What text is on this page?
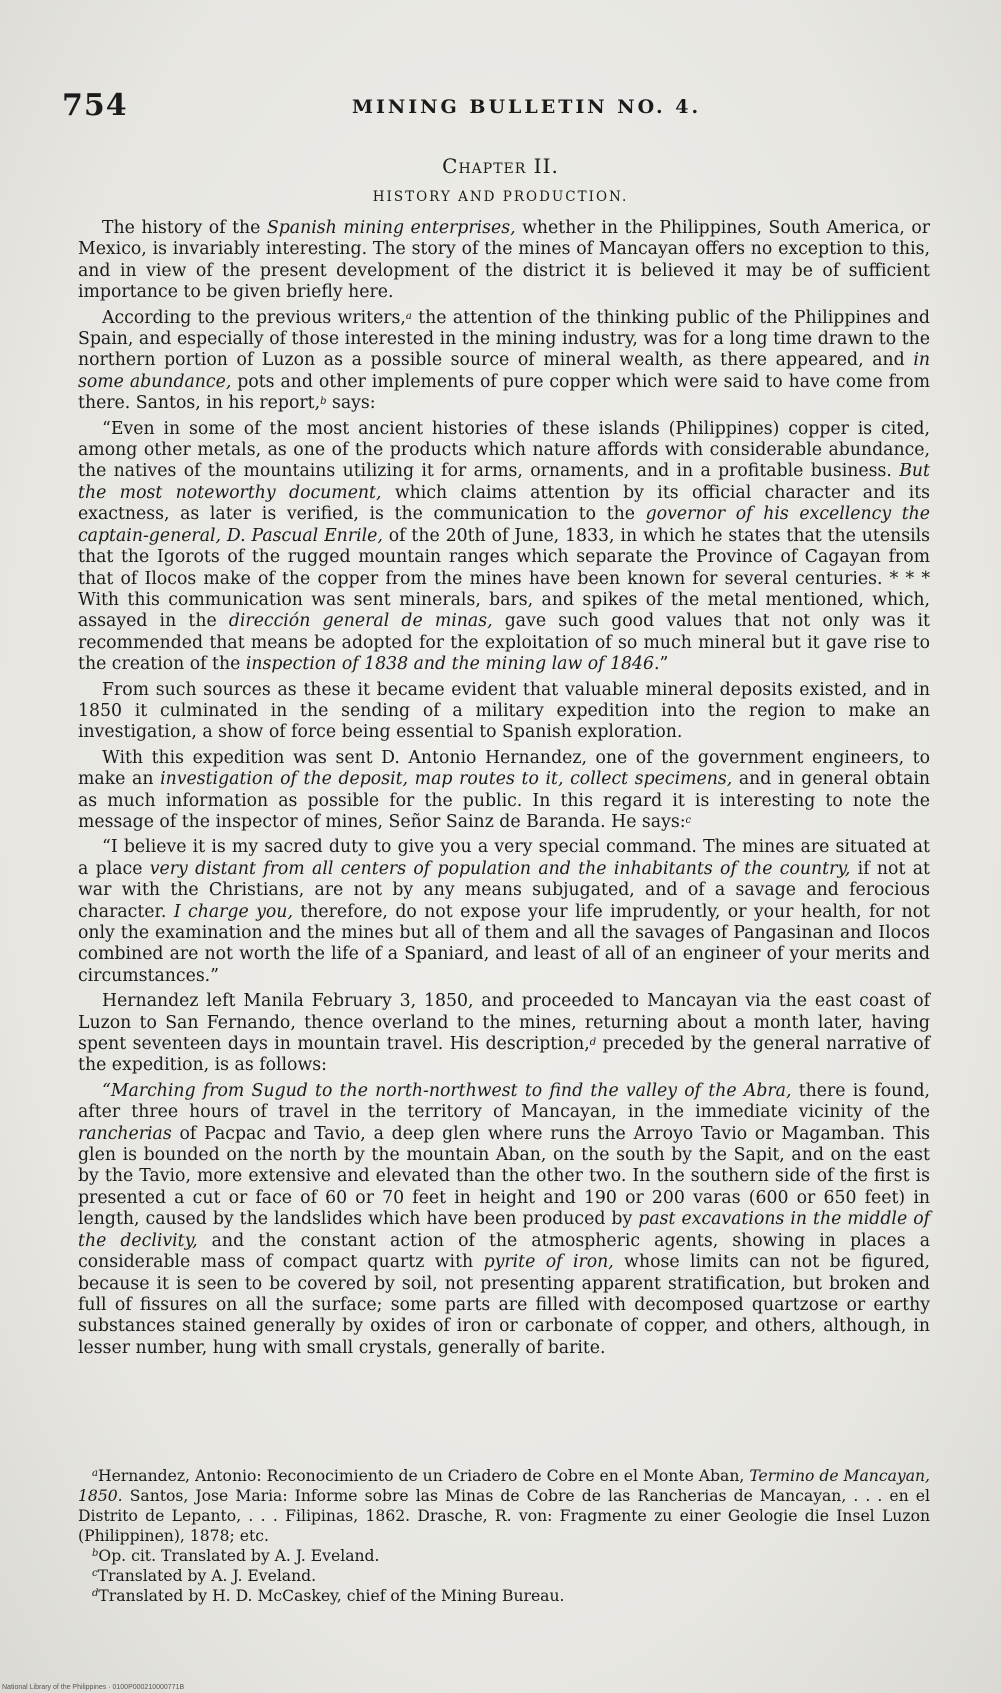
754	MINING BULLETIN NO. 4.
Chapter II.
HISTORY AND PRODUCTION.

The history of the Spanish mining enterprises, whether in the Philippines, South America, or Mexico, is invariably interesting. The story of the mines of Mancayan offers no exception to this, and in view of the present development of the district it is believed it may be of sufficient importance to be given briefly here.

According to the previous writers,$^a$ the attention of the thinking public of the Philippines and Spain, and especially of those interested in the mining industry, was for a long time drawn to the northern portion of Luzon as a possible source of mineral wealth, as there appeared, and in some abundance, pots and other implements of pure copper which were said to have come from there. Santos, in his report,$^b$ says:

“Even in some of the most ancient histories of these islands (Philippines) copper is cited, among other metals, as one of the products which nature affords with considerable abundance, the natives of the mountains utilizing it for arms, ornaments, and in a profitable business. But the most noteworthy document, which claims attention by its official character and its exactness, as later is verified, is the communication to the governor of his excellency the captain-general, D. Pascual Enrile, of the 20th of June, 1833, in which he states that the utensils that the Igorots of the rugged mountain ranges which separate the Province of Cagayan from that of Ilocos make of the copper from the mines have been known for several centuries. * * * With this communication was sent minerals, bars, and spikes of the metal mentioned, which, assayed in the dirección general de minas, gave such good values that not only was it recommended that means be adopted for the exploitation of so much mineral but it gave rise to the creation of the inspection of 1838 and the mining law of 1846.”

From such sources as these it became evident that valuable mineral deposits existed, and in 1850 it culminated in the sending of a military expedition into the region to make an investigation, a show of force being essential to Spanish exploration.

With this expedition was sent D. Antonio Hernandez, one of the government engineers, to make an investigation of the deposit, map routes to it, collect specimens, and in general obtain as much information as possible for the public. In this regard it is interesting to note the message of the inspector of mines, Señor Sainz de Baranda. He says:$^c$

“I believe it is my sacred duty to give you a very special command. The mines are situated at a place very distant from all centers of population and the inhabitants of the country, if not at war with the Christians, are not by any means subjugated, and of a savage and ferocious character. I charge you, therefore, do not expose your life imprudently, or your health, for not only the examination and the mines but all of them and all the savages of Pangasinan and Ilocos combined are not worth the life of a Spaniard, and least of all of an engineer of your merits and circumstances.”

Hernandez left Manila February 3, 1850, and proceeded to Mancayan via the east coast of Luzon to San Fernando, thence overland to the mines, returning about a month later, having spent seventeen days in mountain travel. His description,$^d$ preceded by the general narrative of the expedition, is as follows:

“Marching from Sugud to the north-northwest to find the valley of the Abra, there is found, after three hours of travel in the territory of Mancayan, in the immediate vicinity of the rancherias of Pacpac and Tavio, a deep glen where runs the Arroyo Tavio or Magamban. This glen is bounded on the north by the mountain Aban, on the south by the Sapit, and on the east by the Tavio, more extensive and elevated than the other two. In the southern side of the first is presented a cut or face of 60 or 70 feet in height and 190 or 200 varas (600 or 650 feet) in length, caused by the landslides which have been produced by past excavations in the middle of the declivity, and the constant action of the atmospheric agents, showing in places a considerable mass of compact quartz with pyrite of iron, whose limits can not be figured, because it is seen to be covered by soil, not presenting apparent stratification, but broken and full of fissures on all the surface; some parts are filled with decomposed quartzose or earthy substances stained generally by oxides of iron or carbonate of copper, and others, although, in lesser number, hung with small crystals, generally of barite.

$^a$Hernandez, Antonio: Reconocimiento de un Criadero de Cobre en el Monte Aban, Termino de Mancayan, 1850. Santos, Jose Maria: Informe sobre las Minas de Cobre de las Rancherias de Mancayan, . . . en el Distrito de Lepanto, . . . Filipinas, 1862. Drasche, R. von: Fragmente zu einer Geologie die Insel Luzon (Philippinen), 1878; etc.

$^b$Op. cit. Translated by A. J. Eveland.

$^c$Translated by A. J. Eveland.

$^d$Translated by H. D. McCaskey, chief of the Mining Bureau.

National Library of the Philippines · 0100P000210000771B
